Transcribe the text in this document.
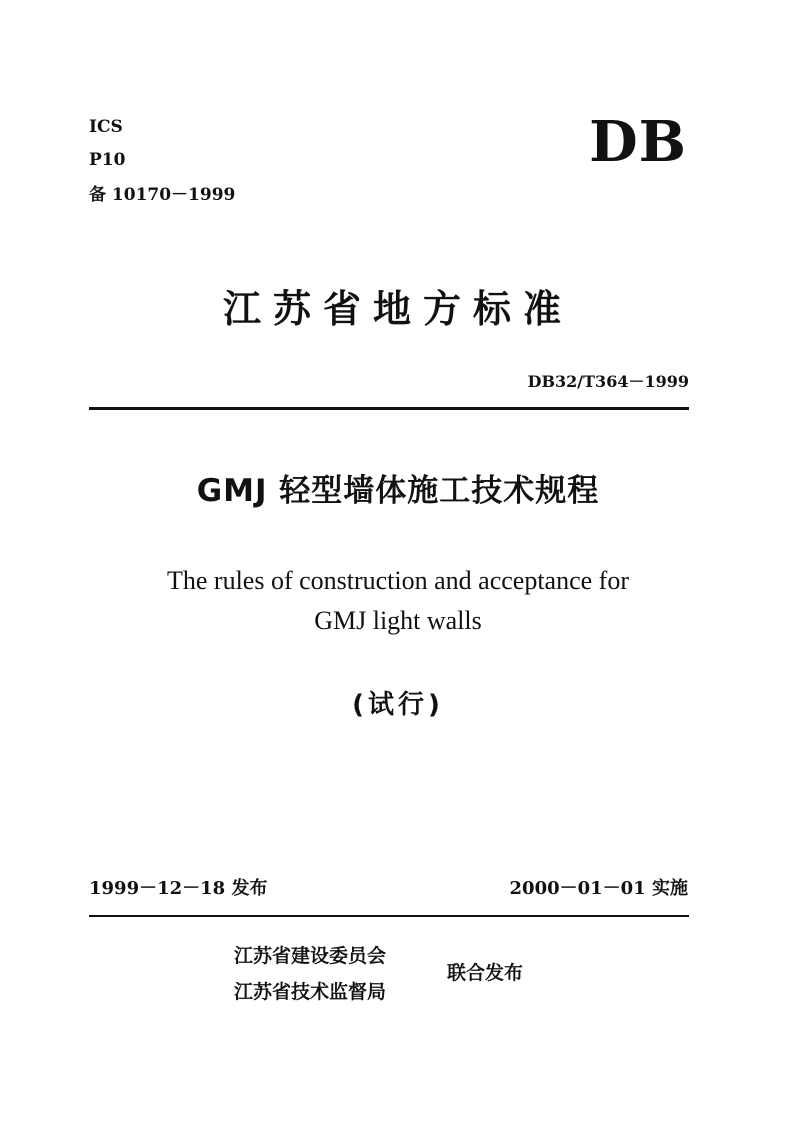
ICS
P10
备 10170－1999
DB
江苏省地方标准
DB32/T364－1999
GMJ 轻型墙体施工技术规程
The rules of construction and acceptance for
GMJ light walls
(试行)
1999－12－18 发布	2000－01－01 实施
江苏省建设委员会
江苏省技术监督局
联合发布
